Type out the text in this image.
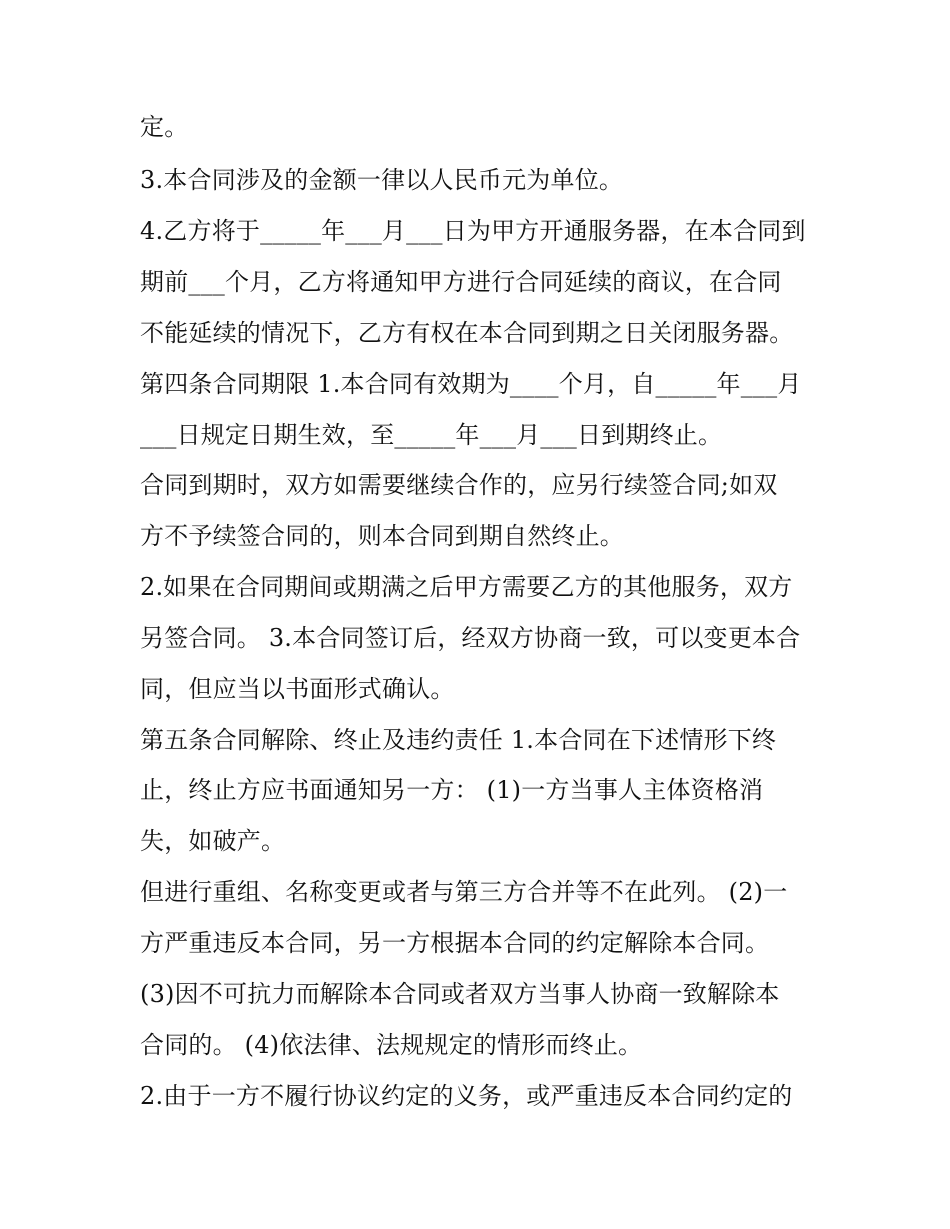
定。

3.本合同涉及的金额一律以人民币元为单位。

4.乙方将于_____年___月___日为甲方开通服务器，在本合同到

期前___个月，乙方将通知甲方进行合同延续的商议，在合同

不能延续的情况下，乙方有权在本合同到期之日关闭服务器。

第四条合同期限 1.本合同有效期为____个月，自_____年___月

___日规定日期生效，至_____年___月___日到期终止。

合同到期时，双方如需要继续合作的，应另行续签合同;如双

方不予续签合同的，则本合同到期自然终止。

2.如果在合同期间或期满之后甲方需要乙方的其他服务，双方

另签合同。 3.本合同签订后，经双方协商一致，可以变更本合

同，但应当以书面形式确认。

第五条合同解除、终止及违约责任 1.本合同在下述情形下终

止，终止方应书面通知另一方： (1)一方当事人主体资格消

失，如破产。

但进行重组、名称变更或者与第三方合并等不在此列。 (2)一

方严重违反本合同，另一方根据本合同的约定解除本合同。

(3)因不可抗力而解除本合同或者双方当事人协商一致解除本

合同的。 (4)依法律、法规规定的情形而终止。

2.由于一方不履行协议约定的义务，或严重违反本合同约定的
